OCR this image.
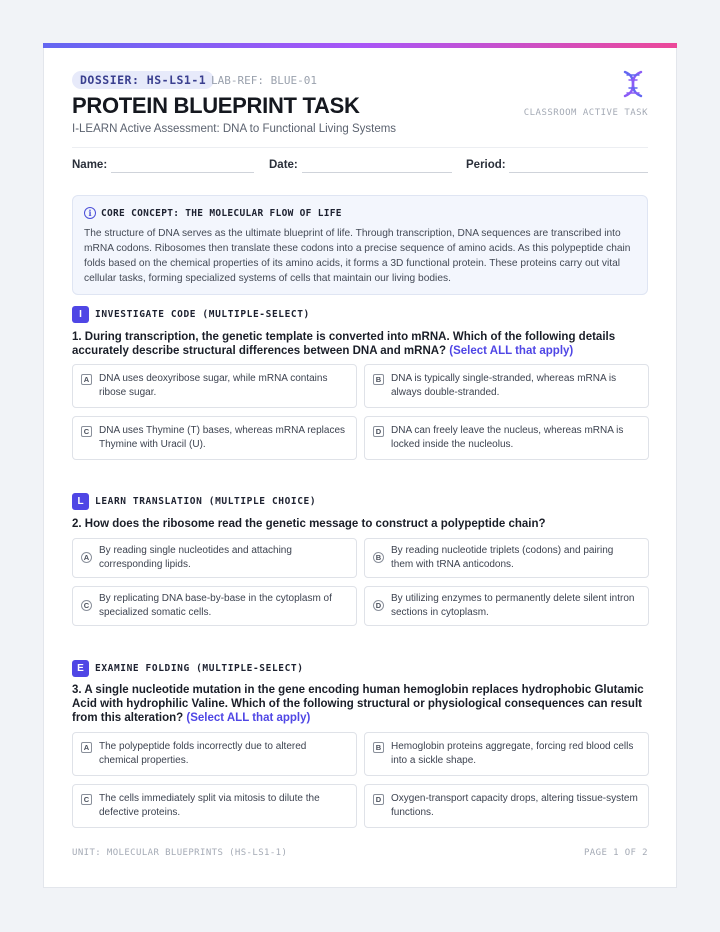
DOSSIER: HS-LS1-1 LAB-REF: BLUE-01
PROTEIN BLUEPRINT TASK
I-LEARN Active Assessment: DNA to Functional Living Systems
CLASSROOM ACTIVE TASK
Name:	Date:	Period:
i CORE CONCEPT: THE MOLECULAR FLOW OF LIFE

The structure of DNA serves as the ultimate blueprint of life. Through transcription, DNA sequences are transcribed into mRNA codons. Ribosomes then translate these codons into a precise sequence of amino acids. As this polypeptide chain folds based on the chemical properties of its amino acids, it forms a 3D functional protein. These proteins carry out vital cellular tasks, forming specialized systems of cells that maintain our living bodies.

I	INVESTIGATE CODE (MULTIPLE-SELECT)

1. During transcription, the genetic template is converted into mRNA. Which of the following details accurately describe structural differences between DNA and mRNA? (Select ALL that apply)

A DNA uses deoxyribose sugar, while mRNA contains ribose sugar.
B DNA is typically single-stranded, whereas mRNA is always double-stranded.
C DNA uses Thymine (T) bases, whereas mRNA replaces Thymine with Uracil (U).
D DNA can freely leave the nucleus, whereas mRNA is locked inside the nucleolus.
L	LEARN TRANSLATION (MULTIPLE CHOICE)

2. How does the ribosome read the genetic message to construct a polypeptide chain?

A
By reading single nucleotides and attaching corresponding lipids.
B
By reading nucleotide triplets (codons) and pairing them with tRNA anticodons.
C
By replicating DNA base-by-base in the cytoplasm of specialized somatic cells.
D
By utilizing enzymes to permanently delete silent intron sections in cytoplasm.
E	EXAMINE FOLDING (MULTIPLE-SELECT)

3. A single nucleotide mutation in the gene encoding human hemoglobin replaces hydrophobic Glutamic Acid with hydrophilic Valine. Which of the following structural or physiological consequences can result from this alteration? (Select ALL that apply)

A The polypeptide folds incorrectly due to altered chemical properties.
B Hemoglobin proteins aggregate, forcing red blood cells into a sickle shape.
C The cells immediately split via mitosis to dilute the defective proteins.
D Oxygen-transport capacity drops, altering tissue-system functions.
UNIT: MOLECULAR BLUEPRINTS (HS-LS1-1)	PAGE 1 OF 2
